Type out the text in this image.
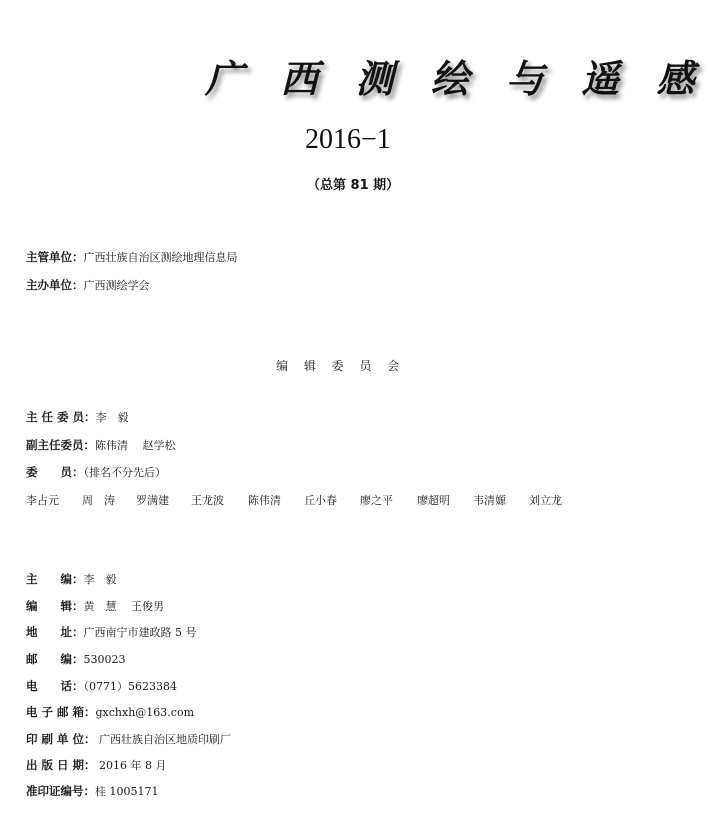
广 西 测 绘 与 遥 感
2016−1
（总第 81 期）
主管单位：广西壮族自治区测绘地理信息局
主办单位：广西测绘学会
编 辑 委 员 会
主 任 委 员：李　毅
副主任委员：陈伟清　 赵学松
委　　员：（排名不分先后）
李占元 周　涛 罗满建 王龙波 陈伟清 丘小春 廖之平 廖超明 韦清嫄 刘立龙
主　　编：李　毅
编　　辑：黄　慧　 王俊男
地　　址：广西南宁市建政路 5 号
邮　　编：530023
电　　话：（0771）5623384
电 子 邮 箱：gxchxh@163.com
印 刷 单 位： 广西壮族自治区地质印刷厂
出 版 日 期： 2016 年 8 月
准印证编号：桂 1005171
